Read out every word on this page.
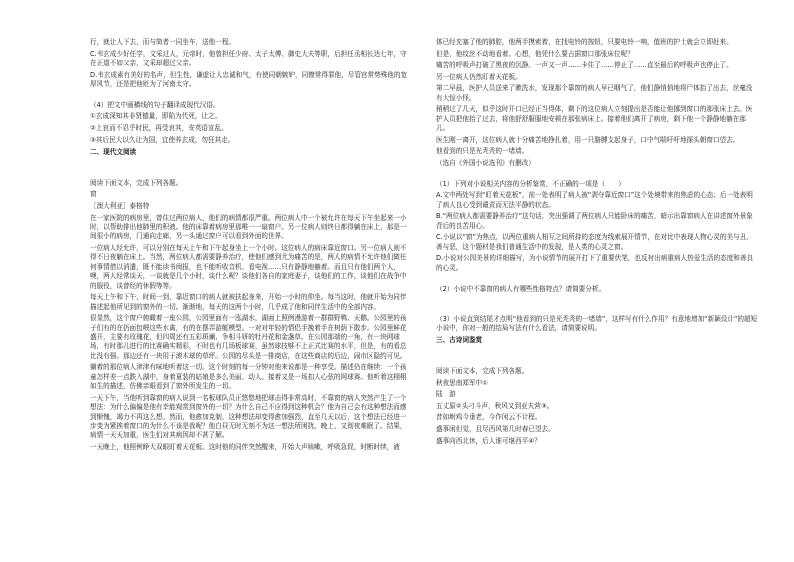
行，就让人下去，而与简者一同坐车，送他一程。

C.韦玄成少好任学，文采过人，元帝时，他曾担任少府、太子太傅、御史大夫等职，后担任丞相长达七年，守在正道不如父亲，文采却超过父亲。

D.韦玄成素有美好的名声，但生性，谦虚让人忠诚和气，有使同朝嫉妒，同僚常得罪他，尽管宫常势殊他的宽厚风节，还是把他贬为了河南太守。

（4）把文中画横线的句子翻译成现代汉语。

①玄成深知其非贤德量，即陷为代死，让之。

②上哀而不忍乎时民，再受哀其，安英语宣乱。

③其后民大以久让为国，宜使养玄成，勿狂其走。

二、现代文阅读

阅读下面文本，完成下列各题。

窗

［澳大利亚］泰格特

在一家医院的病房里，曾住过两位病人，他们的病情都很严重。两位病人中一个被允许在每天下午坐起来一小时，以帮助排出他肺里的积液。他的床靠着病房里那唯一一扇窗户。另一位病人则终日都得躺在床上，那是一间很小的病房，门通向走廊，另一头通过窗户可以看到外面的世界。

一位病人经允许，可以分别在每天上午和下午起身坐上一个小时。这位病人的病床靠近窗口。另一位病人则不得不日夜躺在床上。当然，两位病人都需要静养治疗，使他们感到尤为痛苦的是，两人的病情不允许他们做任何事情借以消遣，既不能读书阅报，也不能听收音机、看电视……只有静静地躺着。而且只有他们两个人，噢，两人经常谈天，一谈就是几个小时，谈什么呢？谈他们各自的家庭妻子，谈他们的工作，谈他们在战争中的服役，谈曾经的休假等等。

每天上午和下午，时间一到，靠近窗口的病人就被扶起身来，开始一小时的仰坐。每当这时，他就开始为同伴描述起他所见到的窗外的一切。渐渐地，每天的这两个小时，几乎成了他和同伴生活中的全部内容。

很显然，这个窗户俯瞰着一座公园，公园里面有一泓湖水，湖面上照例漫游着一群群野鸭、天鹅。公园里的孩子们有的在扔面包喂这些水禽，有的在摆弄游艇模型。一对对年轻的情侣手挽着手在树荫下散步。公园里鲜花盛开，主要有玫瑰花，但四周还有五彩斑斓、争相斗妍的牡丹花和金盏草。在公园那端的一角，有一块网球场，有时那儿进行的比赛确实精彩，不时也有几场板球赛，虽然球技够不上正式比赛的水平，但是，有的看总比没有强。那边还有一块用于滚木球的草坪。公园的尽头是一排商店，在这些商店的后边，闹市区隐约可见。

躺着的那位病人津津有味地听着这一切。这个时刻的每一分钟对他来说都是一种享受。描述仍在继续：一个孩童怎样差一点跌入湖中，身着夏装的姑娘是多么美丽、动人。接着又是一场扣人心弦的网球赛。他听着这栩栩如生的描述，仿佛亲眼看到了窗外所发生的一切。

一天下午，当他听到靠窗的病人说到一名板球队员正悠悠地把球击得非常高时，不靠窗的病人突然产生了一个想法：为什么偏偏是他有幸能观赏到窗外的一切？为什么自己不应得到这种机会？他为自己会有这种想法而感到惭愧，竭力不再这么想。然而，他愈加克制，这种想法却变得愈加强烈，直至几天以后，这个想法已经进一步变为紧挨着窗口的为什么不该是我呢？他白昼无时无刻不为这一想法所困扰，晚上，又彻夜难眠了。结果，病情一天天加重，医生们对其病因却不甚了解。

一天晚上，他照例睁大双眼盯着天花板。这时他的同伴突然醒来，开始大声咳嗽，呼吸急促，时断时续，液

体已经充塞了他的肺腔，他两手摸索着，在找电铃的按钮，只要电铃一响，值班的护士就会立即赶来。

但是，他纹丝不动地看着。心想，他凭什么要占据窗口那张床位呢？

痛苦的呼吸声打破了黑夜的沉静。一声又一声……卡住了……停止了……直至最后的呼吸声也停止了。

另一位病人仍然盯着天花板。

第二早晨，医护人员送来了漱洗水，发现那个靠窗的病人早已咽气了，他们静悄悄地将尸体抬了出去，丝毫没有大惊小怪。

稍稍过了几天，似乎这时开口已经正当得体，剩下的这位病人立刻提出是否能让他挪到窗口的那张床上去。医护人员把他抬了过去，将他舒舒服服地安顿在那张病床上。接着他们离开了病房，剩下他一个静静地躺在那儿。

医生刚一离开，这位病人就十分痛苦地挣扎着，用一只胳膊支起身子，口中气喘吁吁地探头朝窗口望去。

他看到的只是光秃秃的一堵墙。

（选自《外国小说选刊》有删改）

（1）下列对小说相关内容的分析鉴赏，不正确的一项是（　　）

A.文中两处写到“盯着天花板”，前一处表明了病人被“剥夺靠近窗口”这个处境带来的焦虑的心态；后一处表明了病人良心受到谴责而无法平静的状态。

B.“两位病人都需要静养治疗”这句话，突出强调了两位病人只能卧床的痛苦，暗示出靠窗病人在讲述窗外景象背后的良苦用心。

C.小说以“窗”为焦点，以两位重病人相互之间所持的态度为线索展开情节，在对比中表现人物心灵的美与丑、善与恶，这个题材是我们普通生活中的发现，是人类的心灵之窗。

D.小说对公园美景的详细描写，为小说情节的展开打下了重要伏笔，也反衬出病重病人热爱生活的态度和善良的心灵。

（2）小说中不靠窗的病人有哪些性格特点？请简要分析。

（3）小说直到结尾才点明“他看到的只是光秃秃的一堵墙”，这样写有什么作用？有意地增加“新颖设计”的超短小说中，你对一般的结局写法有什么看法，请简要说明。

三、古诗词鉴赏

阅读下面文本，完成下列各题。

秋夜思南郑军中①

陆　游

五丈原②头刁斗声，秋风又到亚夫营③。

昔如埘鸡今垂老，今作闲云不计程。

盛事闲但觉，且尽西风第几时春已望去。

盛事向西北休，后人谁可继西平④？
